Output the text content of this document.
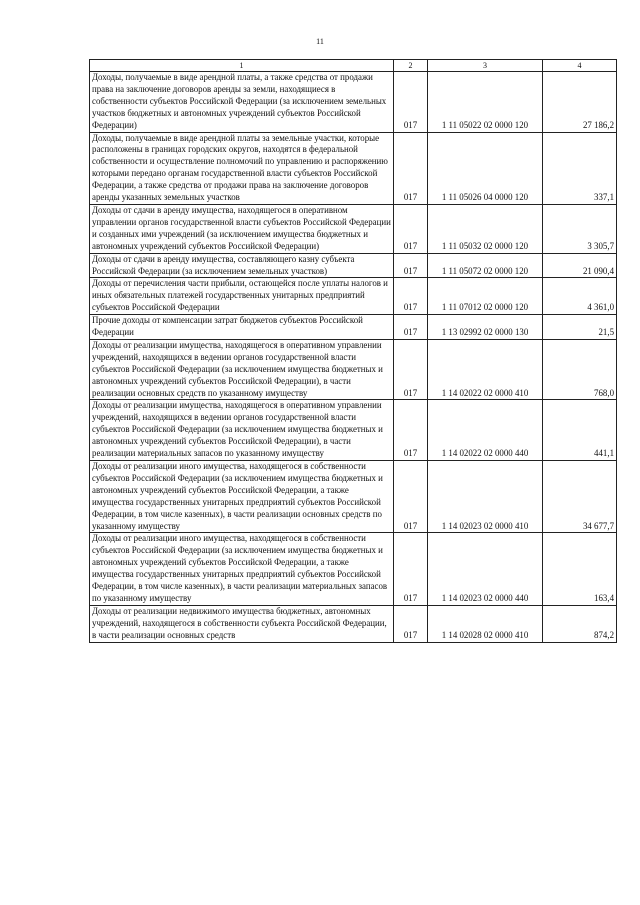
11
1	2	3	4
Доходы, получаемые в виде арендной платы, а также средства от продажи права на заключение договоров аренды за земли, находящиеся в собственности субъектов Российской Федерации (за исключением земельных участков бюджетных и автономных учреждений субъектов Российской Федерации)	017	1 11 05022 02 0000 120	27 186,2
Доходы, получаемые в виде арендной платы за земельные участки, которые расположены в границах городских округов, находятся в федеральной собственности и осуществление полномочий по управлению и распоряжению которыми передано органам государственной власти субъектов Российской Федерации, а также средства от продажи права на заключение договоров аренды указанных земельных участков	017	1 11 05026 04 0000 120	337,1
Доходы от сдачи в аренду имущества, находящегося в оперативном управлении органов государственной власти субъектов Российской Федерации и созданных ими учреждений (за исключением имущества бюджетных и автономных учреждений субъектов Российской Федерации)	017	1 11 05032 02 0000 120	3 305,7
Доходы от сдачи в аренду имущества, составляющего казну субъекта Российской Федерации (за исключением земельных участков)	017	1 11 05072 02 0000 120	21 090,4
Доходы от перечисления части прибыли, остающейся после уплаты налогов и иных обязательных платежей государственных унитарных предприятий субъектов Российской Федерации	017	1 11 07012 02 0000 120	4 361,0
Прочие доходы от компенсации затрат бюджетов субъектов Российской Федерации	017	1 13 02992 02 0000 130	21,5
Доходы от реализации имущества, находящегося в оперативном управлении учреждений, находящихся в ведении органов государственной власти субъектов Российской Федерации (за исключением имущества бюджетных и автономных учреждений субъектов Российской Федерации), в части реализации основных средств по указанному имуществу	017	1 14 02022 02 0000 410	768,0
Доходы от реализации имущества, находящегося в оперативном управлении учреждений, находящихся в ведении органов государственной власти субъектов Российской Федерации (за исключением имущества бюджетных и автономных учреждений субъектов Российской Федерации), в части реализации материальных запасов по указанному имуществу	017	1 14 02022 02 0000 440	441,1
Доходы от реализации иного имущества, находящегося в собственности субъектов Российской Федерации (за исключением имущества бюджетных и автономных учреждений субъектов Российской Федерации, а также имущества государственных унитарных предприятий субъектов Российской Федерации, в том числе казенных), в части реализации основных средств по указанному имуществу	017	1 14 02023 02 0000 410	34 677,7
Доходы от реализации иного имущества, находящегося в собственности субъектов Российской Федерации (за исключением имущества бюджетных и автономных учреждений субъектов Российской Федерации, а также имущества государственных унитарных предприятий субъектов Российской Федерации, в том числе казенных), в части реализации материальных запасов по указанному имуществу	017	1 14 02023 02 0000 440	163,4
Доходы от реализации недвижимого имущества бюджетных, автономных учреждений, находящегося в собственности субъекта Российской Федерации, в части реализации основных средств	017	1 14 02028 02 0000 410	874,2
